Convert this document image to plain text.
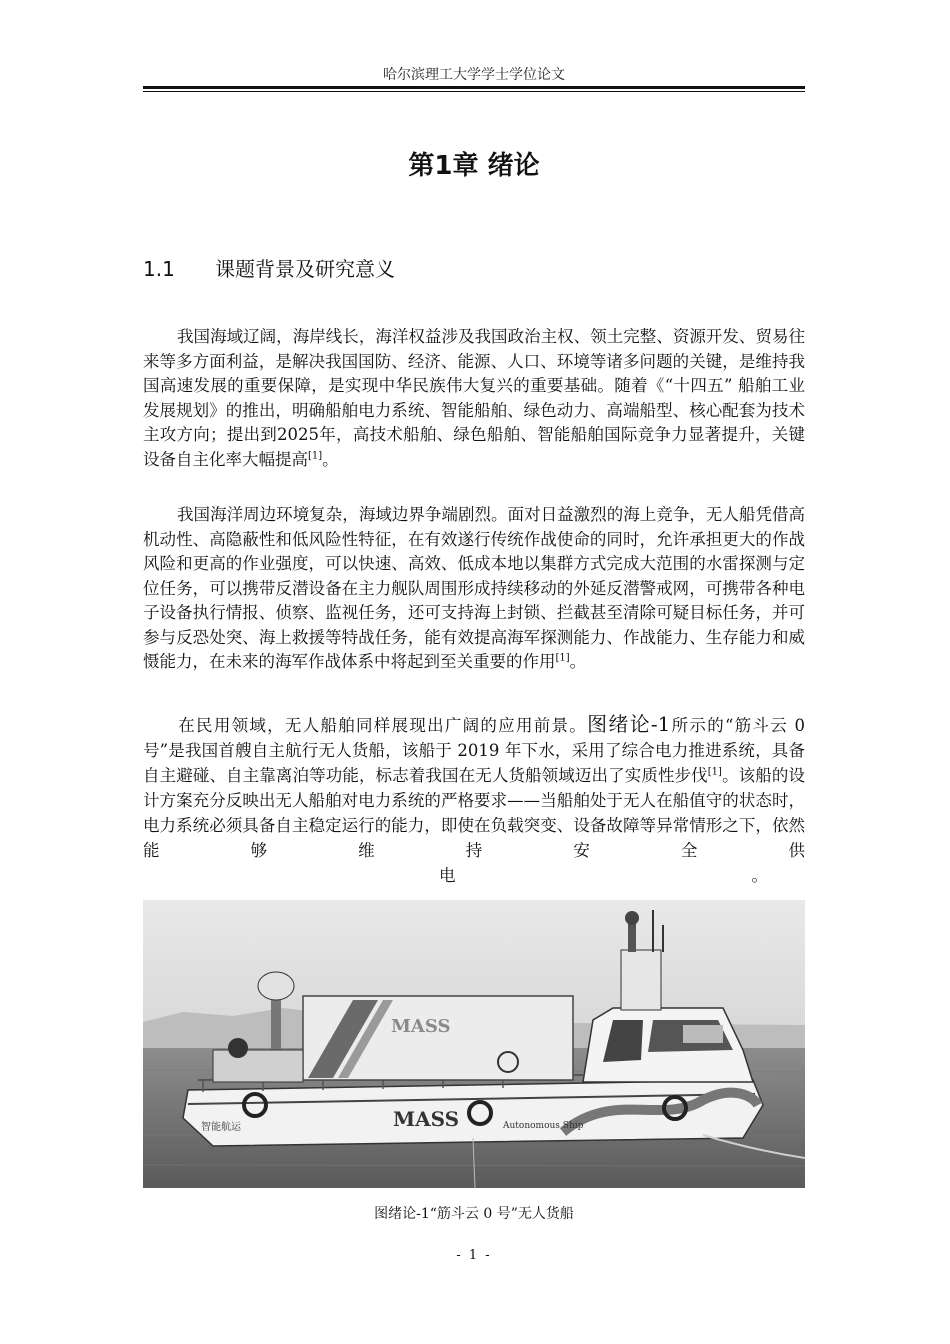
哈尔滨理工大学学士学位论文
第1章 绪论
1.1 课题背景及研究意义

我国海域辽阔，海岸线长，海洋权益涉及我国政治主权、领土完整、资源开发、贸易往来等多方面利益，是解决我国国防、经济、能源、人口、环境等诸多问题的关键，是维持我国高速发展的重要保障，是实现中华民族伟大复兴的重要基础。随着《“十四五” 船舶工业发展规划》的推出，明确船舶电力系统、智能船舶、绿色动力、高端船型、核心配套为技术主攻方向；提出到2025年，高技术船舶、绿色船舶、智能船舶国际竞争力显著提升，关键设备自主化率大幅提高[1]。

我国海洋周边环境复杂，海域边界争端剧烈。面对日益激烈的海上竞争，无人船凭借高机动性、高隐蔽性和低风险性特征，在有效遂行传统作战使命的同时，允许承担更大的作战风险和更高的作业强度，可以快速、高效、低成本地以集群方式完成大范围的水雷探测与定位任务，可以携带反潜设备在主力舰队周围形成持续移动的外延反潜警戒网，可携带各种电子设备执行情报、侦察、监视任务，还可支持海上封锁、拦截甚至清除可疑目标任务，并可参与反恐处突、海上救援等特战任务，能有效提高海军探测能力、作战能力、生存能力和威慑能力，在未来的海军作战体系中将起到至关重要的作用[1]。

在民用领域，无人船舶同样展现出广阔的应用前景。图绪论-1所示的“筋斗云 0 号”是我国首艘自主航行无人货船，该船于 2019 年下水，采用了综合电力推进系统，具备自主避碰、自主靠离泊等功能，标志着我国在无人货船领域迈出了实质性步伐[1]。该船的设计方案充分反映出无人船舶对电力系统的严格要求——当船舶处于无人在船值守的状态时，电力系统必须具备自主稳定运行的能力，即使在负载突变、设备故障等异常情形之下，依然能够维持安全供电	。

MASS
MASS	Autonomous Ship
智能航运
图绪论-1“筋斗云 0 号”无人货船
- 1 -
